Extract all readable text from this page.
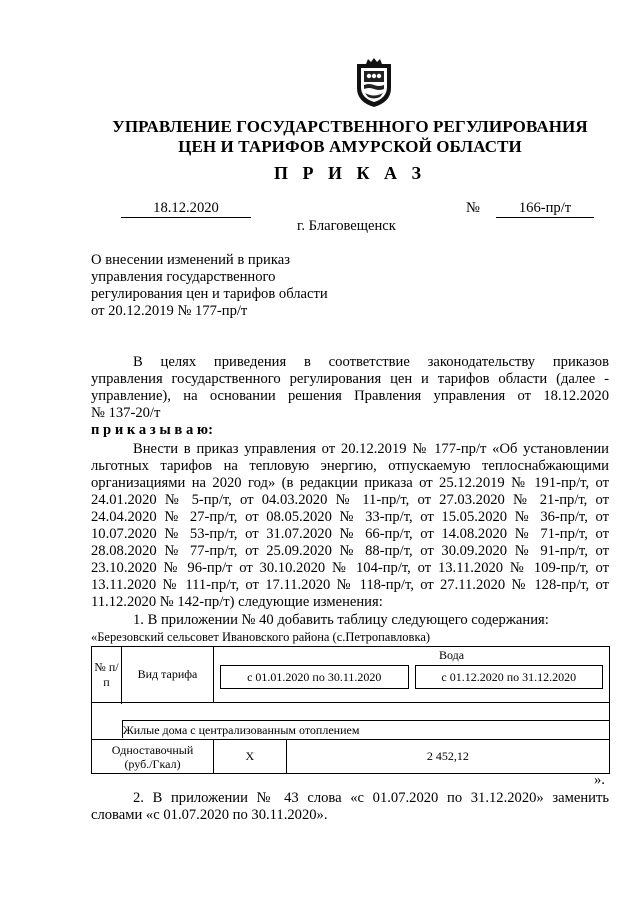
УПРАВЛЕНИЕ ГОСУДАРСТВЕННОГО РЕГУЛИРОВАНИЯ
ЦЕН И ТАРИФОВ АМУРСКОЙ ОБЛАСТИ
П Р И К А З
18.12.2020	№	166-пр/т
г. Благовещенск
О внесении изменений в приказ
управления государственного
регулирования цен и тарифов области
от 20.12.2019 № 177-пр/т
В целях приведения в соответствие законодательству приказов
управления государственного регулирования цен и тарифов области (далее -
управление), на основании решения Правления управления от 18.12.2020
№ 137-20/т
п р и к а з ы в а ю:
Внести в приказ управления от 20.12.2019 № 177-пр/т «Об установлении
льготных тарифов на тепловую энергию, отпускаемую теплоснабжающими
организациями на 2020 год» (в редакции приказа от 25.12.2019 № 191-пр/т, от
24.01.2020 № 5-пр/т, от 04.03.2020 № 11-пр/т, от 27.03.2020 № 21-пр/т, от
24.04.2020 № 27-пр/т, от 08.05.2020 № 33-пр/т, от 15.05.2020 № 36-пр/т, от
10.07.2020 № 53-пр/т, от 31.07.2020 № 66-пр/т, от 14.08.2020 № 71-пр/т, от
28.08.2020 № 77-пр/т, от 25.09.2020 № 88-пр/т, от 30.09.2020 № 91-пр/т, от
23.10.2020 № 96-пр/т от 30.10.2020 № 104-пр/т, от 13.11.2020 № 109-пр/т, от
13.11.2020 № 111-пр/т, от 17.11.2020 № 118-пр/т, от 27.11.2020 № 128-пр/т, от
11.12.2020 № 142-пр/т) следующие изменения:
1. В приложении № 40 добавить таблицу следующего содержания:
«Березовский сельсовет Ивановского района (с.Петропавловка)
№ п/п	Вид тарифа	Вода
с 01.01.2020 по 30.11.2020 с 01.12.2020 по 31.12.2020	

Жилые дома с централизованным отоплением			

Одноставочный
(руб./Гкал)		Х	2 452,12
».
2. В приложении № 43 слова «с 01.07.2020 по 31.12.2020» заменить
словами «с 01.07.2020 по 30.11.2020».
